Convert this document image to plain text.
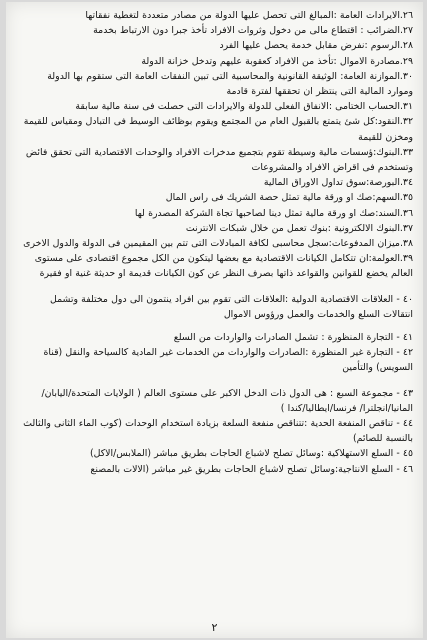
٢٦.الايرادات العامة :المبالغ التى تحصل عليها الدولة من مصادر متعددة لتغطية نفقاتها
٢٧.الضرائب : اقتطاع مالى من دخول وثروات الافراد تأخذ جبرا دون الارتباط بخدمة
٢٨.الرسوم :نفرض مقابل خدمة يحصل عليها الفرد
٢٩.مصادرة الاموال :تأخذ من الافراد كعقوبة عليهم وتدخل خزانة الدولة
٣٠.الموازنة العامة: الوثيقة القانونية والمحاسبية التى تبين النفقات العامة التى ستقوم بها الدولة وموارد المالية التى ينتظر ان تحققها لفترة قادمة
٣١.الحساب الختامى :الانفاق الفعلى للدولة والايرادات التى حصلت فى سنة مالية سابقة
٣٢.النقود:كل شئ يتمتع بالقبول العام من المجتمع ويقوم بوظائف الوسيط فى التبادل ومقياس للقيمة ومخزن للقيمة
٣٣.البنوك:ؤسسات مالية وسيطة تقوم بتجميع مدخرات الافراد والوحدات الاقتصادية التى تحقق فائض وتستخدم فى اقراض الافراد والمشروعات
٣٤.البورصة:سوق تداول الاوراق المالية
٣٥.السهم:صك او ورقة مالية تمثل حصة الشريك فى راس المال
٣٦.السند:صك او ورقة مالية تمثل دينا لصاحبها تجاة الشركة المصدرة لها
٣٧.البنوك الالكترونية :بنوك تعمل من خلال شبكات الانترنت
٣٨.ميزان المدفوعات:سجل محاسبى لكافة المبادلات التى تتم بين المقيمين فى الدولة والدول الاخرى
٣٩.العولمة:ان تتكامل الكيانات الاقتصادية مع بعضها ليتكون من الكل مجموع اقتصادى على مستوى العالم يخضع للقوانين والقواعد ذاتها بصرف النظر عن كون الكيانات قديمة او حديثة غنية او فقيرة
٤٠ - العلاقات الاقتصادية الدولية :العلاقات التى تقوم بين افراد ينتمون الى دول مختلفة وتشمل انتقالات السلع والخدمات والعمل ورؤوس الاموال
٤١ - التجارة المنظورة : تشمل الصادرات والواردات من السلع
٤٢ - التجارة غير المنظورة :الصادرات والواردات من الخدمات غير المادية كالسياحة والنقل (قناة السويس) والتأمين
٤٣ - مجموعة السبع : هى الدول ذات الدخل الاكبر على مستوى العالم ( الولايات المتحدة/اليابان/المانيا/انجلترا/ فرنسا/ايطاليا/كندا )
٤٤ - تناقص المنفعة الحدية :تتناقص منفعة السلعة بزيادة استخدام الوحدات (كوب الماء الثانى والثالث بالنسبة للصائم)
٤٥ - السلع الاستهلاكية :وسائل تصلح لاشباع الحاجات بطريق مباشر (الملابس/الاكل)
٤٦ - السلع الانتاجية:وسائل تصلح لاشباع الحاجات بطريق غير مباشر (الالات بالمصنع
٢
